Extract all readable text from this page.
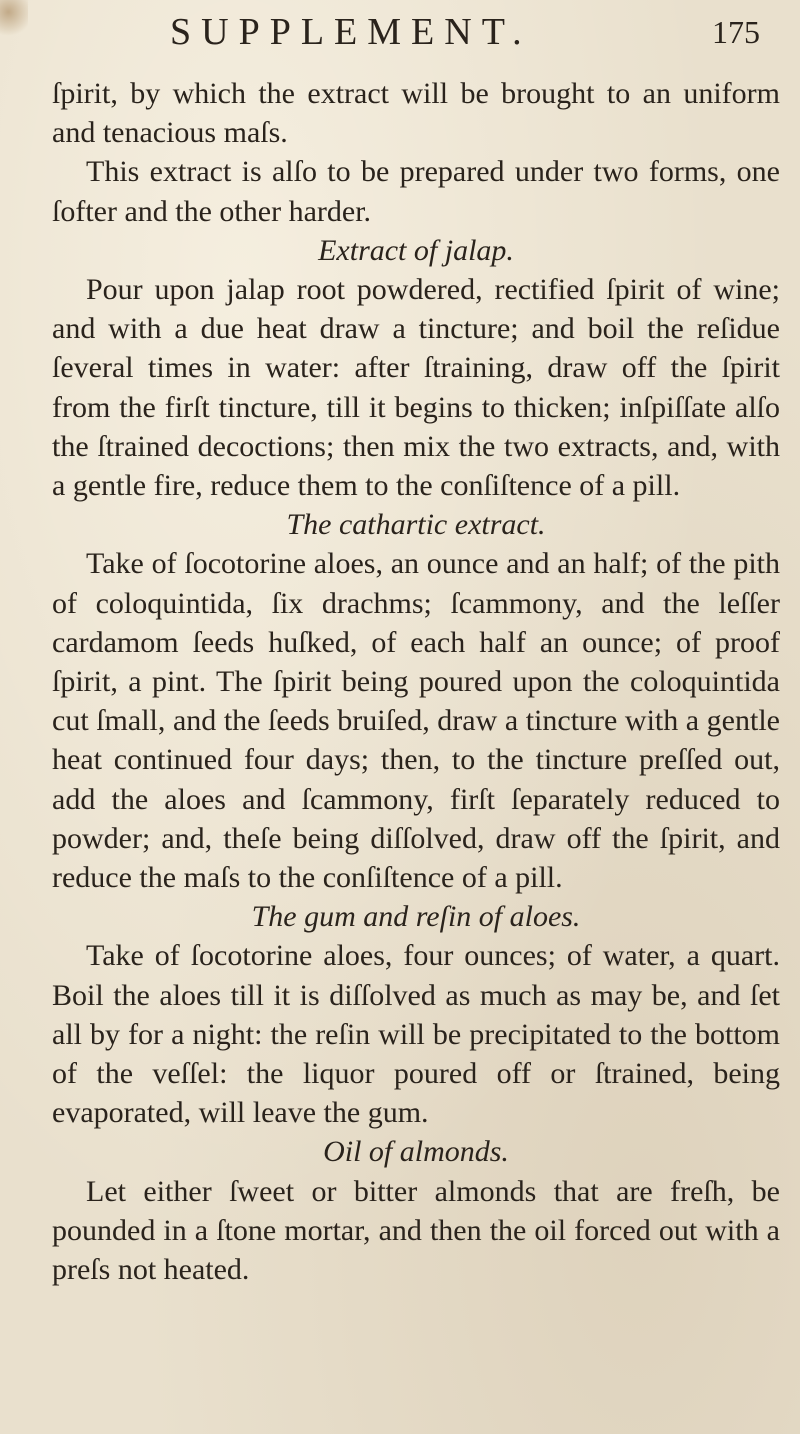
SUPPLEMENT.	175

ſpirit, by which the extract will be brought to an uniform and tenacious maſs.

This extract is alſo to be prepared under two forms, one ſofter and the other harder.

Extract of jalap.

Pour upon jalap root powdered, rectified ſpirit of wine; and with a due heat draw a tincture; and boil the reſidue ſeveral times in water: after ſtraining, draw off the ſpirit from the firſt tincture, till it begins to thicken; inſpiſſate alſo the ſtrained decoctions; then mix the two extracts, and, with a gentle fire, reduce them to the conſiſtence of a pill.

The cathartic extract.

Take of ſocotorine aloes, an ounce and an half; of the pith of coloquintida, ſix drachms; ſcammony, and the leſſer cardamom ſeeds huſked, of each half an ounce; of proof ſpirit, a pint. The ſpirit being poured upon the coloquintida cut ſmall, and the ſeeds bruiſed, draw a tincture with a gentle heat continued four days; then, to the tincture preſſed out, add the aloes and ſcammony, firſt ſeparately reduced to powder; and, theſe being diſſolved, draw off the ſpirit, and reduce the maſs to the conſiſtence of a pill.

The gum and reſin of aloes.

Take of ſocotorine aloes, four ounces; of water, a quart. Boil the aloes till it is diſſolved as much as may be, and ſet all by for a night: the reſin will be precipitated to the bottom of the veſſel: the liquor poured off or ſtrained, being evaporated, will leave the gum.

Oil of almonds.

Let either ſweet or bitter almonds that are freſh, be pounded in a ſtone mortar, and then the oil forced out with a preſs not heated.
